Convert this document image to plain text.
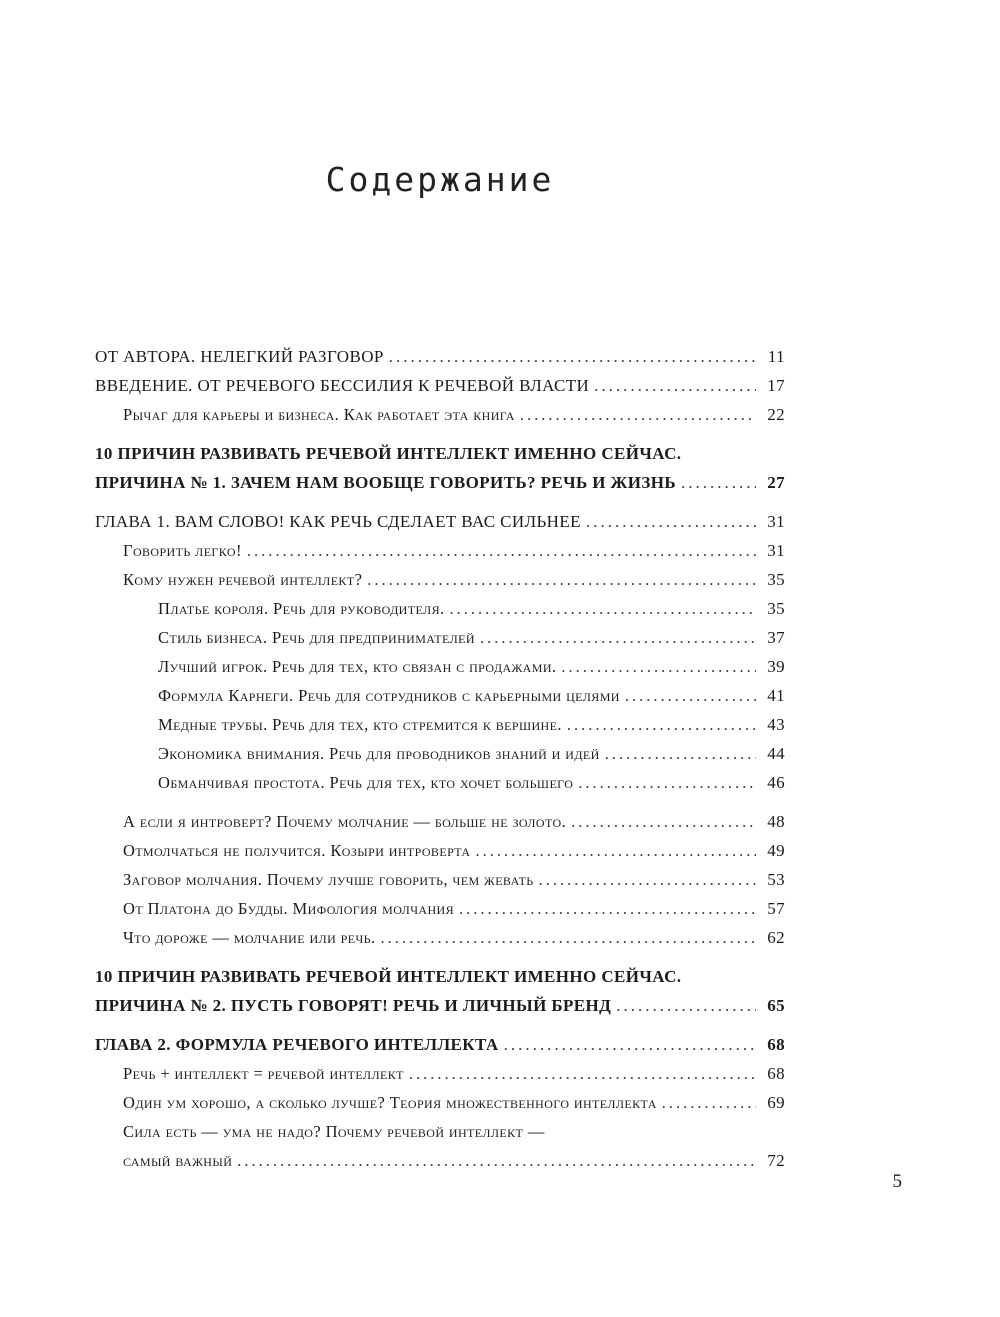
Содержание
ОТ АВТОРА. НЕЛЕГКИЙ РАЗГОВОР .....	11
ВВЕДЕНИЕ. ОТ РЕЧЕВОГО БЕССИЛИЯ К РЕЧЕВОЙ ВЛАСТИ .....	17
Рычаг для карьеры и бизнеса. Как работает эта книга .....	22
10 ПРИЧИН РАЗВИВАТЬ РЕЧЕВОЙ ИНТЕЛЛЕКТ ИМЕННО СЕЙЧАС.
ПРИЧИНА № 1. ЗАЧЕМ НАМ ВООБЩЕ ГОВОРИТЬ? РЕЧЬ И ЖИЗНЬ .....	27
ГЛАВА 1. ВАМ СЛОВО! КАК РЕЧЬ СДЕЛАЕТ ВАС СИЛЬНЕЕ .....	31
Говорить легко! .....	31
Кому нужен речевой интеллект? .....	35
Платье короля. Речь для руководителя. .....	35
Стиль бизнеса. Речь для предпринимателей .....	37
Лучший игрок. Речь для тех, кто связан с продажами. .....	39
Формула Карнеги. Речь для сотрудников с карьерными целями .....	41
Медные трубы. Речь для тех, кто стремится к вершине. .....	43
Экономика внимания. Речь для проводников знаний и идей .....	44
Обманчивая простота. Речь для тех, кто хочет большего .....	46
А если я интроверт? Почему молчание — больше не золото. .....	48
Отмолчаться не получится. Козыри интроверта .....	49
Заговор молчания. Почему лучше говорить, чем жевать .....	53
От Платона до Будды. Мифология молчания .....	57
Что дороже — молчание или речь. .....	62
10 ПРИЧИН РАЗВИВАТЬ РЕЧЕВОЙ ИНТЕЛЛЕКТ ИМЕННО СЕЙЧАС.
ПРИЧИНА № 2. ПУСТЬ ГОВОРЯТ! РЕЧЬ И ЛИЧНЫЙ БРЕНД .....	65
ГЛАВА 2. ФОРМУЛА РЕЧЕВОГО ИНТЕЛЛЕКТА .....	68
Речь + интеллект = речевой интеллект .....	68
Один ум хорошо, а сколько лучше? Теория множественного интеллекта .....	69
Сила есть — ума не надо? Почему речевой интеллект —
самый важный .....	72
5
